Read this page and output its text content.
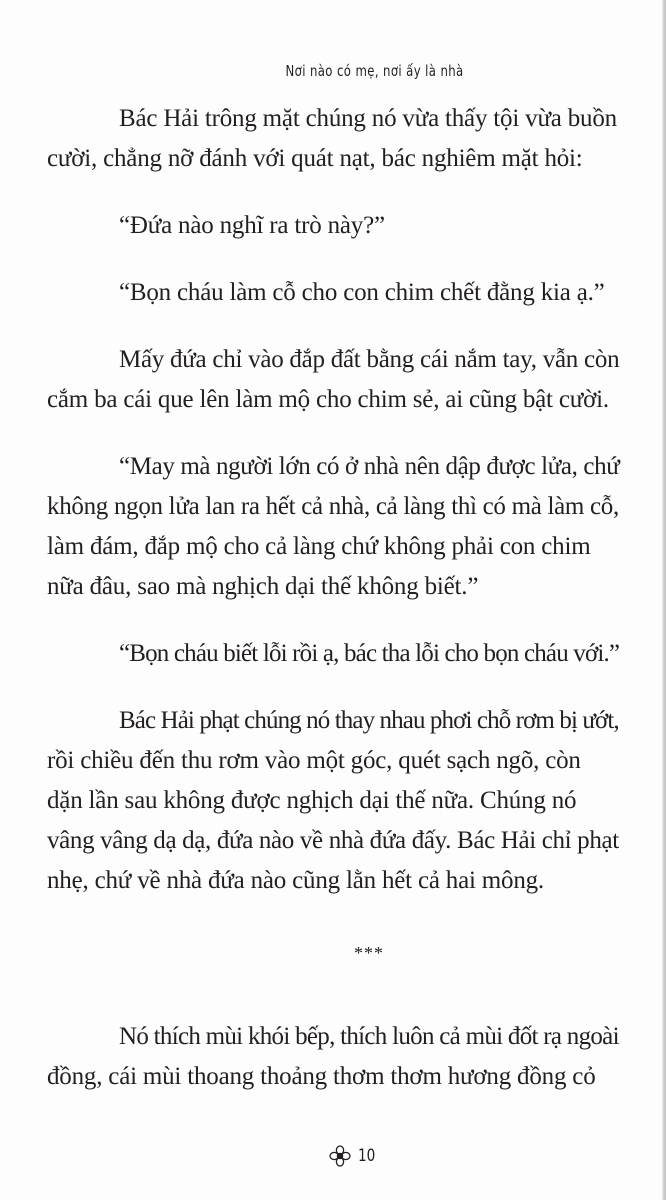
Nơi nào có mẹ, nơi ấy là nhà

Bác Hải trông mặt chúng nó vừa thấy tội vừa buồn
cười, chẳng nỡ đánh với quát nạt, bác nghiêm mặt hỏi:

“Đứa nào nghĩ ra trò này?”

“Bọn cháu làm cỗ cho con chim chết đằng kia ạ.”

Mấy đứa chỉ vào đắp đất bằng cái nắm tay, vẫn còn
cắm ba cái que lên làm mộ cho chim sẻ, ai cũng bật cười.

“May mà người lớn có ở nhà nên dập được lửa, chứ
không ngọn lửa lan ra hết cả nhà, cả làng thì có mà làm cỗ,
làm đám, đắp mộ cho cả làng chứ không phải con chim
nữa đâu, sao mà nghịch dại thế không biết.”

“Bọn cháu biết lỗi rồi ạ, bác tha lỗi cho bọn cháu với.”

Bác Hải phạt chúng nó thay nhau phơi chỗ rơm bị ướt,
rồi chiều đến thu rơm vào một góc, quét sạch ngõ, còn
dặn lần sau không được nghịch dại thế nữa. Chúng nó
vâng vâng dạ dạ, đứa nào về nhà đứa đấy. Bác Hải chỉ phạt
nhẹ, chứ về nhà đứa nào cũng lằn hết cả hai mông.

***

Nó thích mùi khói bếp, thích luôn cả mùi đốt rạ ngoài
đồng, cái mùi thoang thoảng thơm thơm hương đồng cỏ

10
